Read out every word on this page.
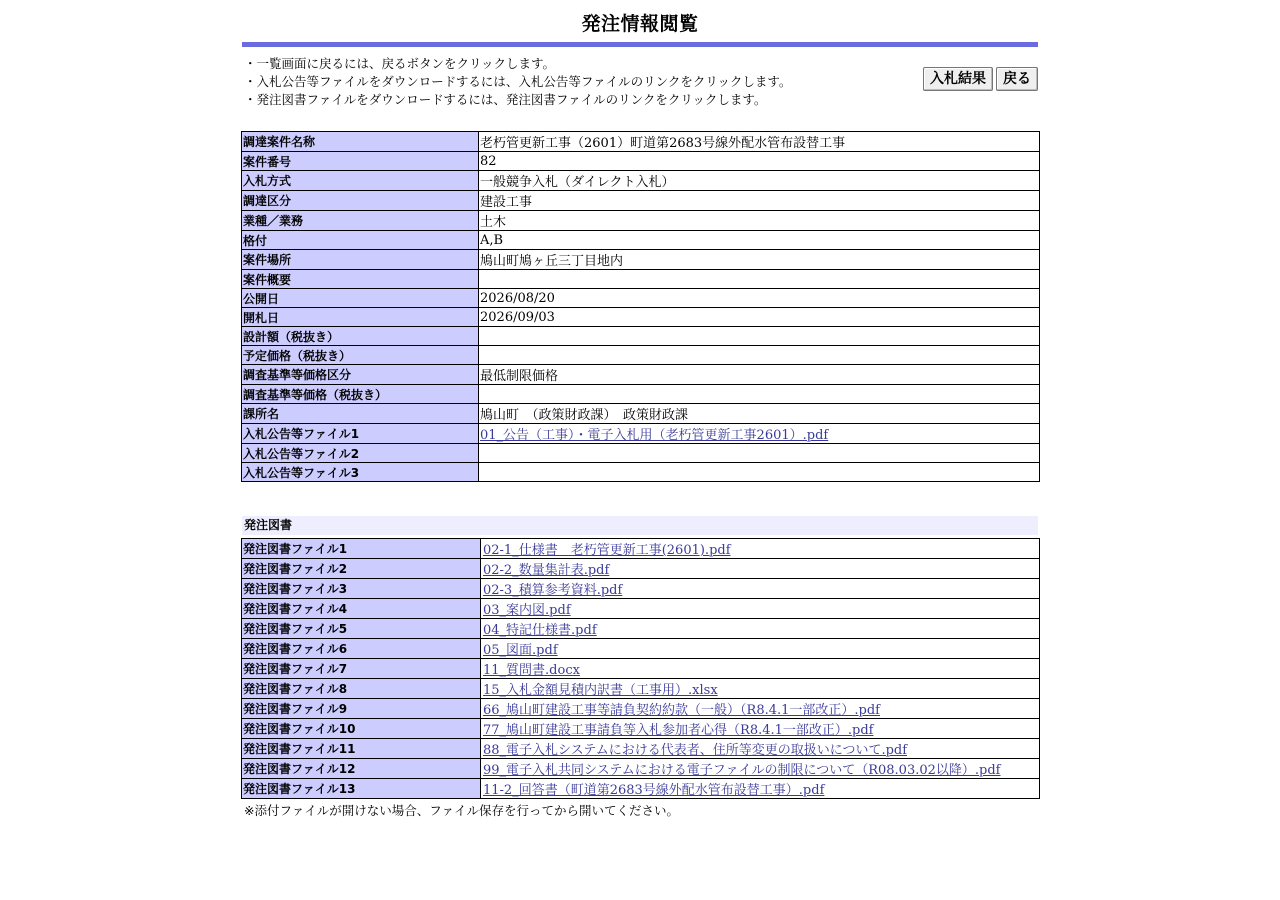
発注情報閲覧
・一覧画面に戻るには、戻るボタンをクリックします。
・入札公告等ファイルをダウンロードするには、入札公告等ファイルのリンクをクリックします。
・発注図書ファイルをダウンロードするには、発注図書ファイルのリンクをクリックします。
入札結果	戻る
調達案件名称	老朽管更新工事（2601）町道第2683号線外配水管布設替工事
案件番号	82
入札方式	一般競争入札（ダイレクト入札）
調達区分	建設工事
業種／業務	土木
格付	A,B
案件場所	鳩山町鳩ヶ丘三丁目地内
案件概要	
公開日	2026/08/20
開札日	2026/09/03
設計額（税抜き）	
予定価格（税抜き）	
調査基準等価格区分	最低制限価格
調査基準等価格（税抜き）	
課所名	鳩山町　（政策財政課）　政策財政課
入札公告等ファイル1	01_公告（工事）・電子入札用（老朽管更新工事2601）.pdf
入札公告等ファイル2	
入札公告等ファイル3	
発注図書
発注図書ファイル1	02-1_仕様書　老朽管更新工事(2601).pdf
発注図書ファイル2	02-2_数量集計表.pdf
発注図書ファイル3	02-3_積算参考資料.pdf
発注図書ファイル4	03_案内図.pdf
発注図書ファイル5	04_特記仕様書.pdf
発注図書ファイル6	05_図面.pdf
発注図書ファイル7	11_質問書.docx
発注図書ファイル8	15_入札金額見積内訳書（工事用）.xlsx
発注図書ファイル9	66_鳩山町建設工事等請負契約約款（一般）（R8.4.1一部改正）.pdf
発注図書ファイル10	77_鳩山町建設工事請負等入札参加者心得（R8.4.1一部改正）.pdf
発注図書ファイル11	88_電子入札システムにおける代表者、住所等変更の取扱いについて.pdf
発注図書ファイル12	99_電子入札共同システムにおける電子ファイルの制限について（R08.03.02以降）.pdf
発注図書ファイル13	11-2_回答書（町道第2683号線外配水管布設替工事）.pdf
※添付ファイルが開けない場合、ファイル保存を行ってから開いてください。
